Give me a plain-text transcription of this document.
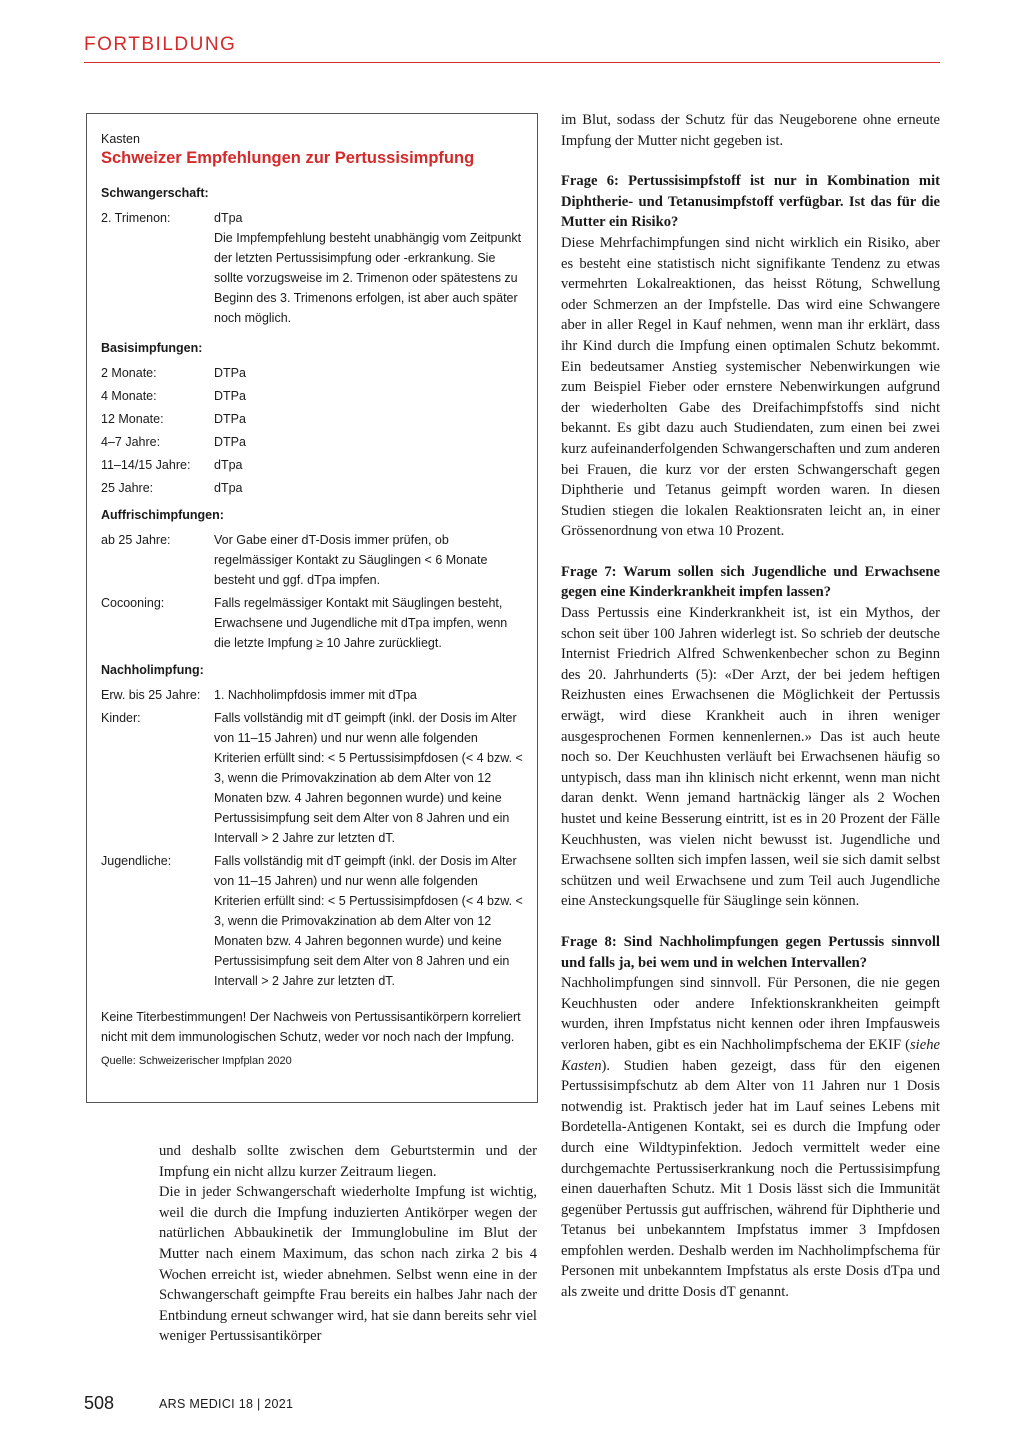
FORTBILDUNG
Kasten
Schweizer Empfehlungen zur Pertussisimpfung
Schwangerschaft:
2. Trimenon:	dTpa
Die Impfempfehlung besteht unabhängig vom Zeitpunkt der letzten Pertussisimpfung oder -erkrankung. Sie sollte vorzugsweise im 2. Trimenon oder spätestens zu Beginn des 3. Trimenons erfolgen, ist aber auch später noch möglich.
Basisimpfungen:
2 Monate:	DTPa
4 Monate:	DTPa
12 Monate:	DTPa
4–7 Jahre:	DTPa
11–14/15 Jahre:	dTpa
25 Jahre:	dTpa
Auffrischimpfungen:
ab 25 Jahre:	Vor Gabe einer dT-Dosis immer prüfen, ob regelmässiger Kontakt zu Säuglingen < 6 Monate besteht und ggf. dTpa impfen.
Cocooning:	Falls regelmässiger Kontakt mit Säuglingen besteht, Erwachsene und Jugendliche mit dTpa impfen, wenn die letzte Impfung ≥ 10 Jahre zurückliegt.
Nachholimpfung:
Erw. bis 25 Jahre:	1. Nachholimpfdosis immer mit dTpa
Kinder:	Falls vollständig mit dT geimpft (inkl. der Dosis im Alter von 11–15 Jahren) und nur wenn alle folgenden Kriterien erfüllt sind: < 5 Pertussisimpfdosen (< 4 bzw. < 3, wenn die Primovakzination ab dem Alter von 12 Monaten bzw. 4 Jahren begonnen wurde) und keine Pertussisimpfung seit dem Alter von 8 Jahren und ein Intervall > 2 Jahre zur letzten dT.
Jugendliche:	Falls vollständig mit dT geimpft (inkl. der Dosis im Alter von 11–15 Jahren) und nur wenn alle folgenden Kriterien erfüllt sind: < 5 Pertussisimpfdosen (< 4 bzw. < 3, wenn die Primovakzination ab dem Alter von 12 Monaten bzw. 4 Jahren begonnen wurde) und keine Pertussisimpfung seit dem Alter von 8 Jahren und ein Intervall > 2 Jahre zur letzten dT.
Keine Titerbestimmungen! Der Nachweis von Pertussisantikörpern korreliert nicht mit dem immunologischen Schutz, weder vor noch nach der Impfung.
Quelle: Schweizerischer Impfplan 2020

und deshalb sollte zwischen dem Geburtstermin und der Impfung ein nicht allzu kurzer Zeitraum liegen.

Die in jeder Schwangerschaft wiederholte Impfung ist wichtig, weil die durch die Impfung induzierten Antikörper wegen der natürlichen Abbaukinetik der Immunglobuline im Blut der Mutter nach einem Maximum, das schon nach zirka 2 bis 4 Wochen erreicht ist, wieder abnehmen. Selbst wenn eine in der Schwangerschaft geimpfte Frau bereits ein halbes Jahr nach der Entbindung erneut schwanger wird, hat sie dann bereits sehr viel weniger Pertussisantikörper

im Blut, sodass der Schutz für das Neugeborene ohne erneute Impfung der Mutter nicht gegeben ist.

Frage 6: Pertussisimpfstoff ist nur in Kombination mit Diphtherie- und Tetanusimpfstoff verfügbar. Ist das für die Mutter ein Risiko?

Diese Mehrfachimpfungen sind nicht wirklich ein Risiko, aber es besteht eine statistisch nicht signifikante Tendenz zu etwas vermehrten Lokalreaktionen, das heisst Rötung, Schwellung oder Schmerzen an der Impfstelle. Das wird eine Schwangere aber in aller Regel in Kauf nehmen, wenn man ihr erklärt, dass ihr Kind durch die Impfung einen optimalen Schutz bekommt. Ein bedeutsamer Anstieg systemischer Nebenwirkungen wie zum Beispiel Fieber oder ernstere Nebenwirkungen aufgrund der wiederholten Gabe des Dreifachimpfstoffs sind nicht bekannt. Es gibt dazu auch Studiendaten, zum einen bei zwei kurz aufeinanderfolgenden Schwangerschaften und zum anderen bei Frauen, die kurz vor der ersten Schwangerschaft gegen Diphtherie und Tetanus geimpft worden waren. In diesen Studien stiegen die lokalen Reaktionsraten leicht an, in einer Grössenordnung von etwa 10 Prozent.

Frage 7: Warum sollen sich Jugendliche und Erwachsene gegen eine Kinderkrankheit impfen lassen?

Dass Pertussis eine Kinderkrankheit ist, ist ein Mythos, der schon seit über 100 Jahren widerlegt ist. So schrieb der deutsche Internist Friedrich Alfred Schwenkenbecher schon zu Beginn des 20. Jahrhunderts (5): «Der Arzt, der bei jedem heftigen Reizhusten eines Erwachsenen die Möglichkeit der Pertussis erwägt, wird diese Krankheit auch in ihren weniger ausgesprochenen Formen kennenlernen.» Das ist auch heute noch so. Der Keuchhusten verläuft bei Erwachsenen häufig so untypisch, dass man ihn klinisch nicht erkennt, wenn man nicht daran denkt. Wenn jemand hartnäckig länger als 2 Wochen hustet und keine Besserung eintritt, ist es in 20 Prozent der Fälle Keuchhusten, was vielen nicht bewusst ist. Jugendliche und Erwachsene sollten sich impfen lassen, weil sie sich damit selbst schützen und weil Erwachsene und zum Teil auch Jugendliche eine Ansteckungsquelle für Säuglinge sein können.

Frage 8: Sind Nachholimpfungen gegen Pertussis sinnvoll und falls ja, bei wem und in welchen Intervallen?

Nachholimpfungen sind sinnvoll. Für Personen, die nie gegen Keuchhusten oder andere Infektionskrankheiten geimpft wurden, ihren Impfstatus nicht kennen oder ihren Impfausweis verloren haben, gibt es ein Nachholimpfschema der EKIF (siehe Kasten). Studien haben gezeigt, dass für den eigenen Pertussisimpfschutz ab dem Alter von 11 Jahren nur 1 Dosis notwendig ist. Praktisch jeder hat im Lauf seines Lebens mit Bordetella-Antigenen Kontakt, sei es durch die Impfung oder durch eine Wildtypinfektion. Jedoch vermittelt weder eine durchgemachte Pertussiserkrankung noch die Pertussisimpfung einen dauerhaften Schutz. Mit 1 Dosis lässt sich die Immunität gegenüber Pertussis gut auffrischen, während für Diphtherie und Tetanus bei unbekanntem Impfstatus immer 3 Impfdosen empfohlen werden. Deshalb werden im Nachholimpfschema für Personen mit unbekanntem Impfstatus als erste Dosis dTpa und als zweite und dritte Dosis dT genannt.

508	ARS MEDICI 18 | 2021
